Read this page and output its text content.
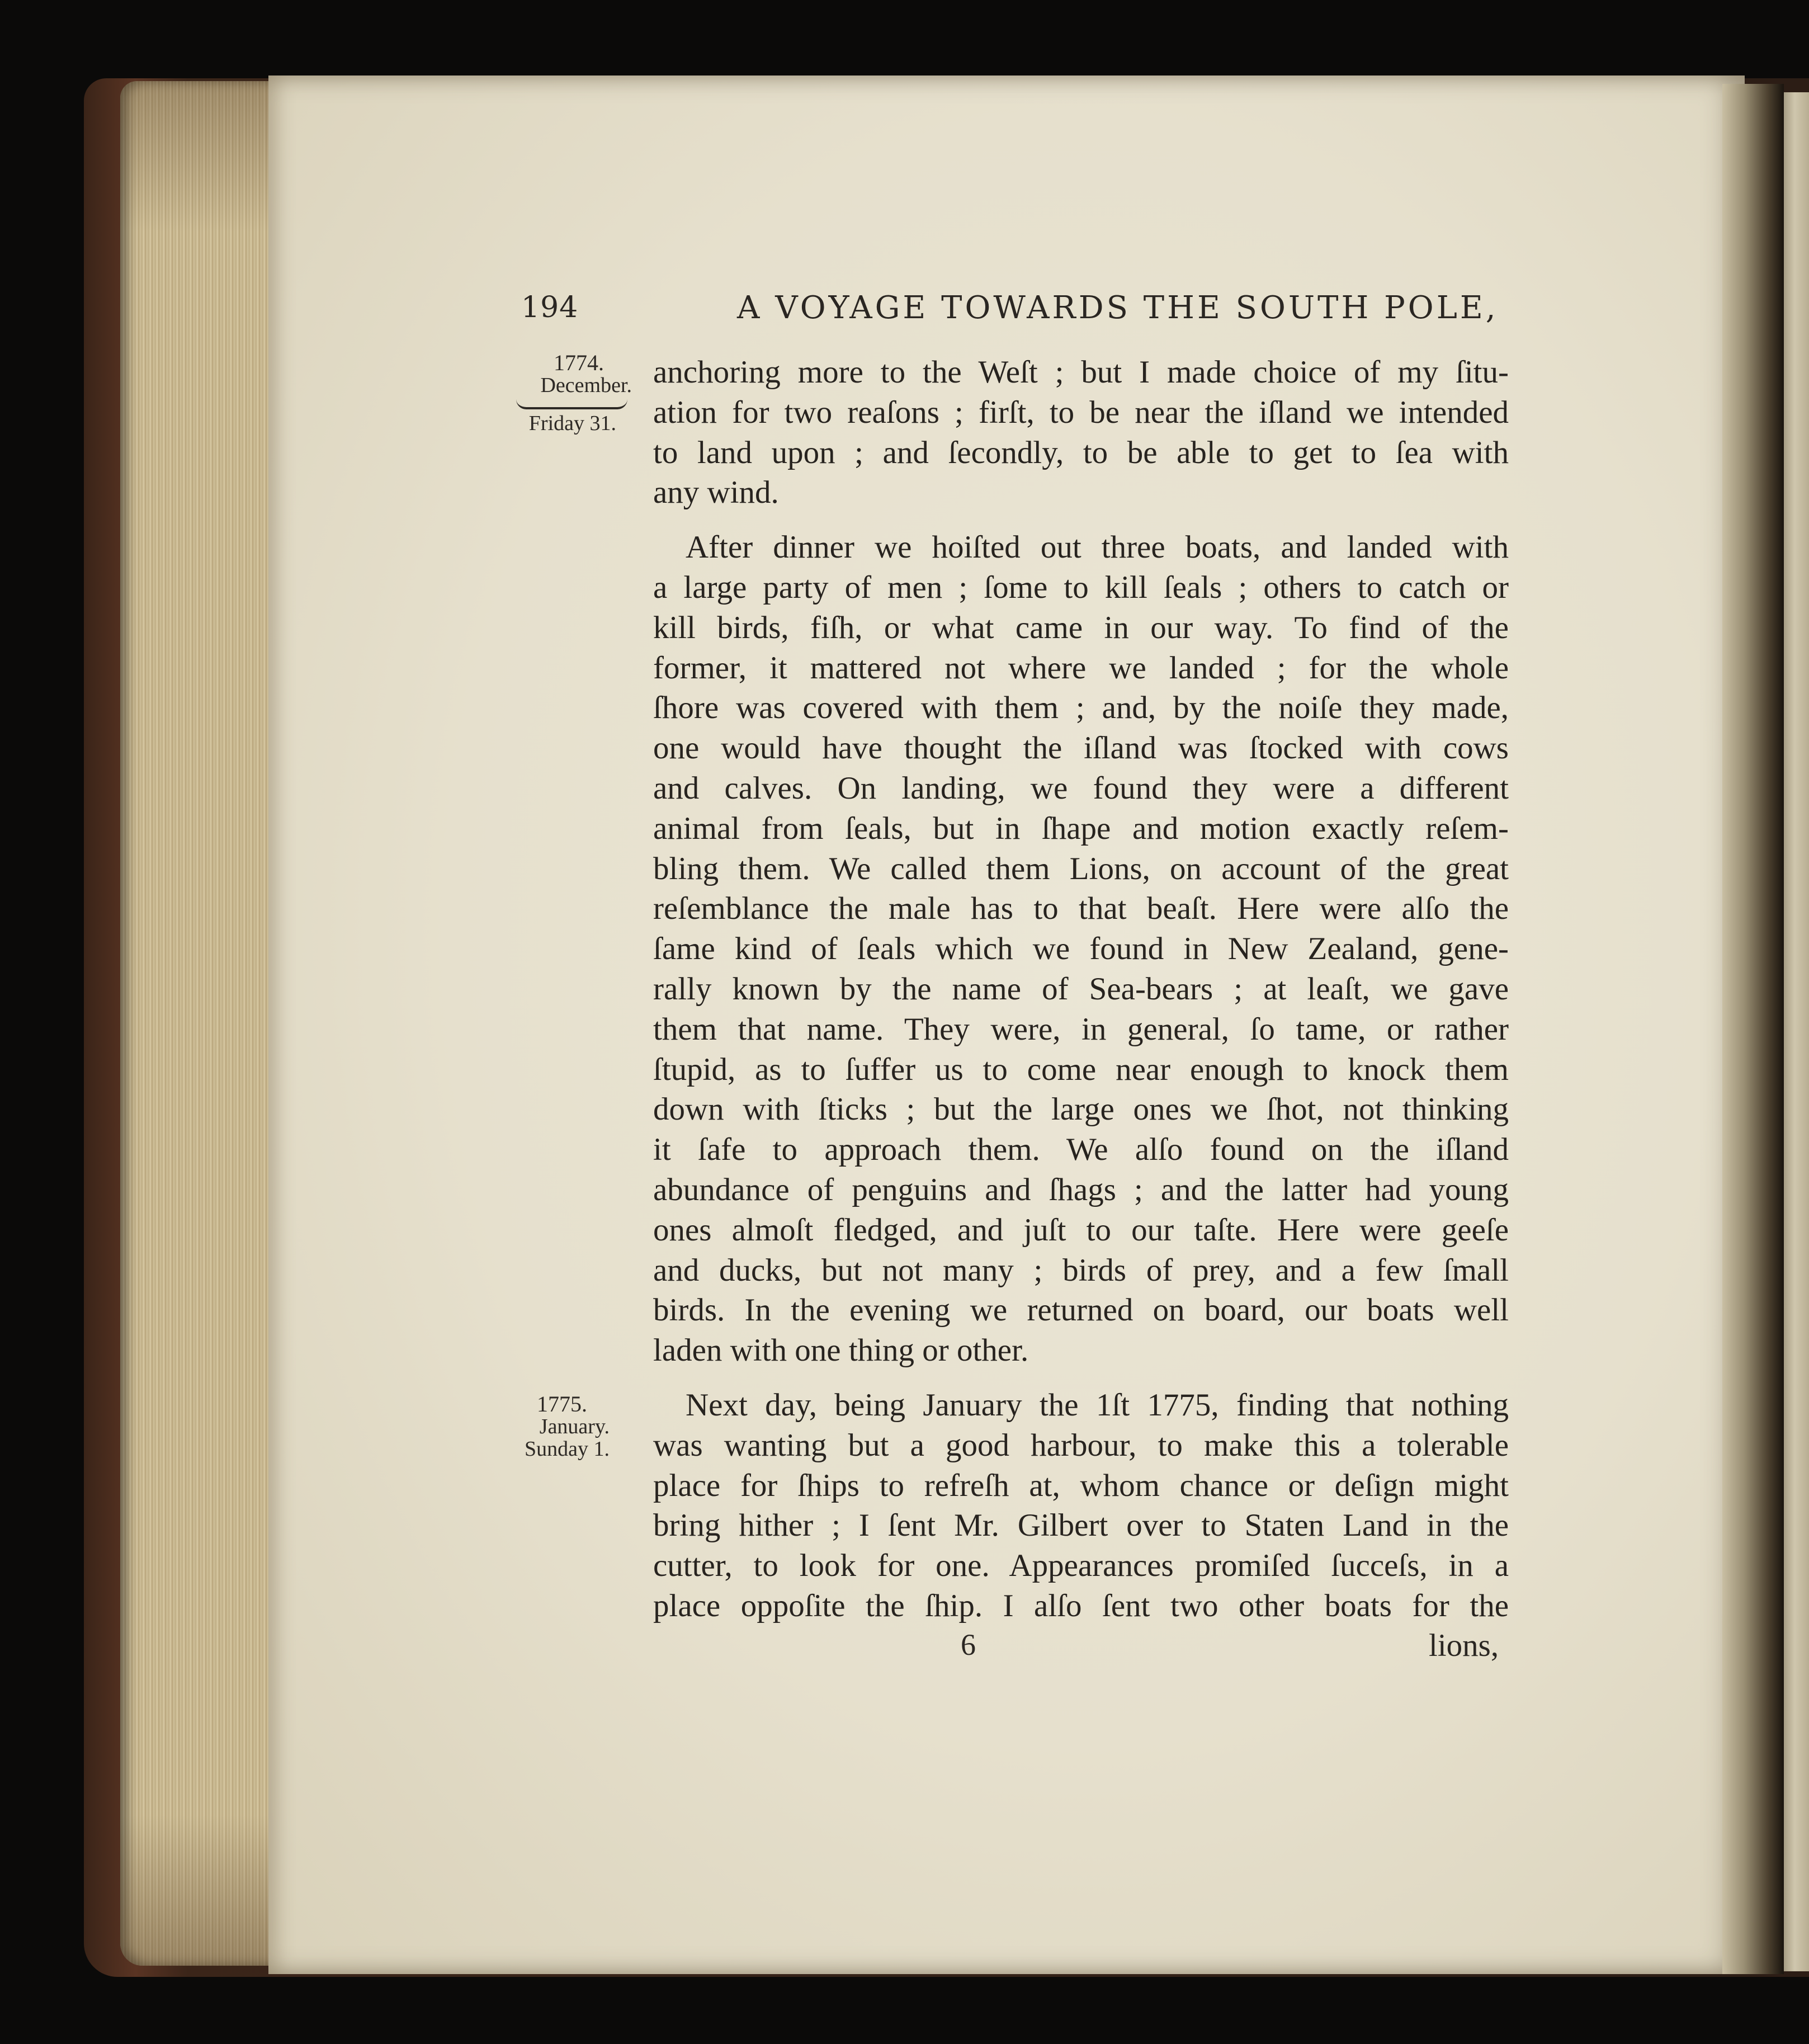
194	A VOYAGE TOWARDS THE SOUTH POLE,
1774.
December.
Friday 31.
1775.
January.
Sunday 1.
anchoring more to the Weſt ; but I made choice of my ſitu-
ation for two reaſons ; firſt, to be near the iſland we intended
to land upon ; and ſecondly, to be able to get to ſea with
any wind.
After dinner we hoiſted out three boats, and landed with
a large party of men ; ſome to kill ſeals ; others to catch or
kill birds, fiſh, or what came in our way. To find of the
former, it mattered not where we landed ; for the whole
ſhore was covered with them ; and, by the noiſe they made,
one would have thought the iſland was ſtocked with cows
and calves. On landing, we found they were a different
animal from ſeals, but in ſhape and motion exactly reſem-
bling them. We called them Lions, on account of the great
reſemblance the male has to that beaſt. Here were alſo the
ſame kind of ſeals which we found in New Zealand, gene-
rally known by the name of Sea-bears ; at leaſt, we gave
them that name. They were, in general, ſo tame, or rather
ſtupid, as to ſuffer us to come near enough to knock them
down with ſticks ; but the large ones we ſhot, not thinking
it ſafe to approach them. We alſo found on the iſland
abundance of penguins and ſhags ; and the latter had young
ones almoſt fledged, and juſt to our taſte. Here were geeſe
and ducks, but not many ; birds of prey, and a few ſmall
birds. In the evening we returned on board, our boats well
laden with one thing or other.
Next day, being January the 1ſt 1775, finding that nothing
was wanting but a good harbour, to make this a tolerable
place for ſhips to refreſh at, whom chance or deſign might
bring hither ; I ſent Mr. Gilbert over to Staten Land in the
cutter, to look for one. Appearances promiſed ſucceſs, in a
place oppoſite the ſhip. I alſo ſent two other boats for the
6	lions,
